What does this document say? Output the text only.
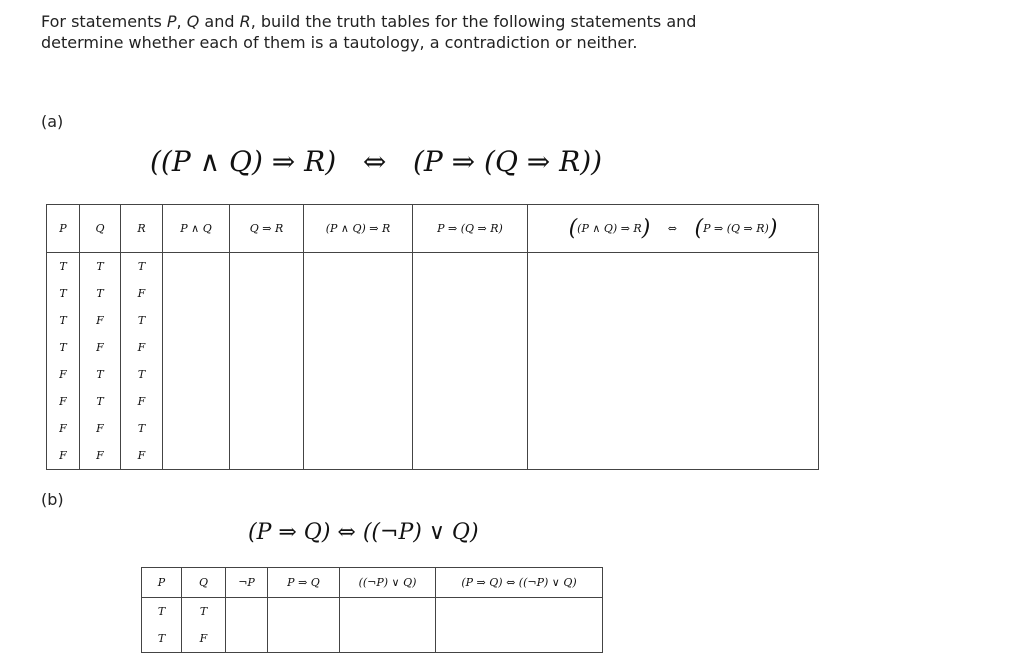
For statements P, Q and R, build the truth tables for the following statements and
determine whether each of them is a tautology, a contradiction or neither.
(a)
((P ∧ Q) ⇒ R)   ⇔   (P ⇒ (Q ⇒ R))
P	Q	R	P ∧ Q	Q ⇒ R	(P ∧ Q) ⇒ R	P ⇒ (Q ⇒ R)	((P ∧ Q) ⇒ R) ⇔ (P ⇒ (Q ⇒ R))
T	T	T					
T	T	F					
T	F	T					
T	F	F					
F	T	T					
F	T	F					
F	F	T					
F	F	F					
(b)
(P ⇒ Q) ⇔ ((¬P) ∨ Q)
P	Q	¬P	P ⇒ Q	((¬P) ∨ Q)	(P ⇒ Q) ⇔ ((¬P) ∨ Q)
T	T				
T	F				
